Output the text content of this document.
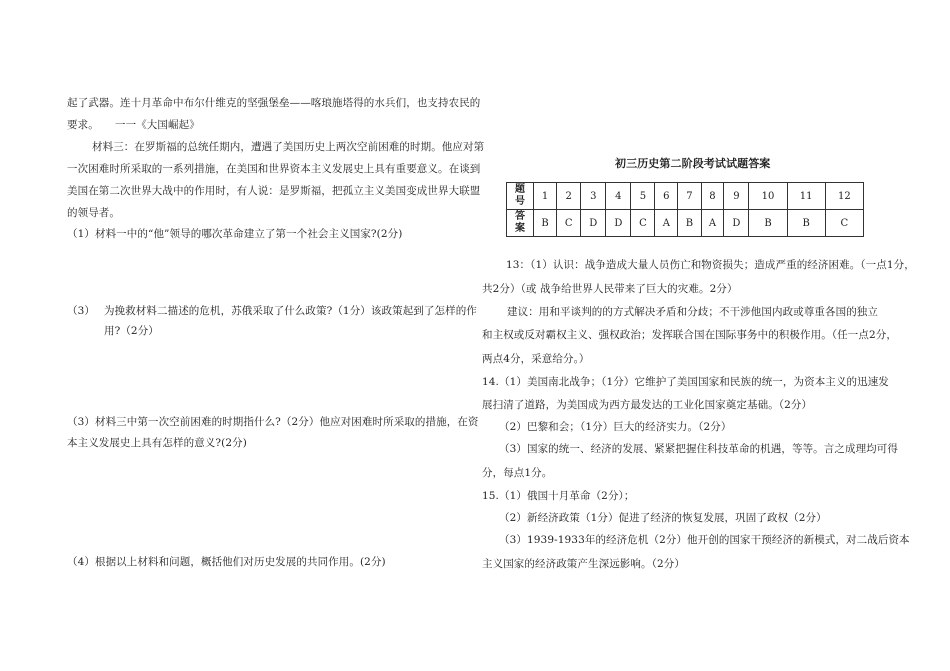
起了武器。连十月革命中布尔什维克的坚强堡垒——喀琅施塔得的水兵们，也支持农民的
要求。 一一《大国崛起》
材料三：在罗斯福的总统任期内，遭遇了美国历史上两次空前困难的时期。他应对第
一次困难时所采取的一系列措施，在美国和世界资本主义发展史上具有重要意义。在谈到
美国在第二次世界大战中的作用时，有人说：是罗斯福，把孤立主义美国变成世界大联盟
的领导者。
（1）材料一中的“他”领导的哪次革命建立了第一个社会主义国家?(2分)
（3） 为挽救材料二描述的危机，苏俄采取了什么政策?（1分）该政策起到了怎样的作
用?（2分）
（3）材料三中第一次空前困难的时期指什么?（2分）他应对困难时所采取的措施，在资
本主义发展史上具有怎样的意义?(2分)
（4）根据以上材料和问题，概括他们对历史发展的共同作用。(2分)
初三历史第二阶段考试试题答案
题号	1	2	3	4	5	6	7	8	9	10	11	12

答案	B	C	D	D	C	A	B	A	D	B	B	C
13：（1）认识：战争造成大量人员伤亡和物资损失；造成严重的经济困难。（一点1分，
共2分）（或 战争给世界人民带来了巨大的灾难。2分）
建议：用和平谈判的的方式解决矛盾和分歧；不干涉他国内政或尊重各国的独立
和主权或反对霸权主义、强权政治；发挥联合国在国际事务中的积极作用。（任一点2分，
两点4分，采意给分。）
14.（1）美国南北战争；（1分）它维护了美国国家和民族的统一，为资本主义的迅速发
展扫清了道路，为美国成为西方最发达的工业化国家奠定基础。（2分）
（2）巴黎和会；（1分）巨大的经济实力。（2分）
（3）国家的统一、经济的发展、紧紧把握住科技革命的机遇，等等。言之成理均可得
分，每点1分。
15.（1）俄国十月革命（2分）；
（2）新经济政策（1分）促进了经济的恢复发展，巩固了政权（2分）
（3）1939-1933年的经济危机（2分）他开创的国家干预经济的新模式，对二战后资本
主义国家的经济政策产生深远影响。（2分）
